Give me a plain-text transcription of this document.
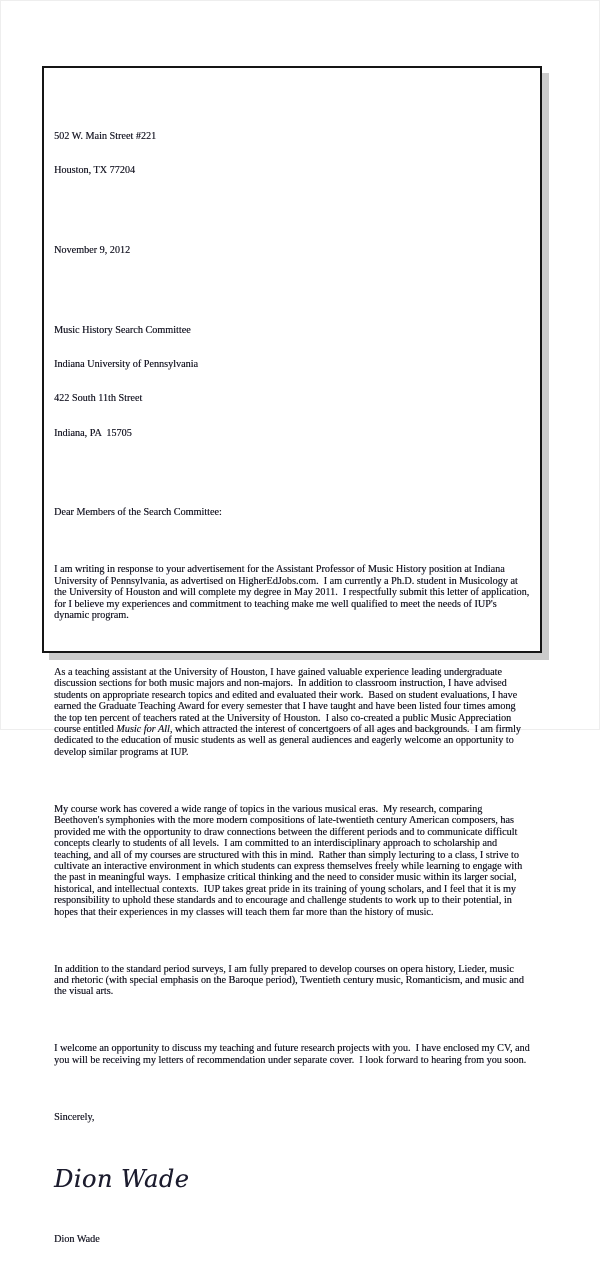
502 W. Main Street #221

Houston, TX 77204

November 9, 2012

Music History Search Committee

Indiana University of Pennsylvania

422 South 11th Street

Indiana, PA  15705

Dear Members of the Search Committee:

I am writing in response to your advertisement for the Assistant Professor of Music History position at Indiana University of Pennsylvania, as advertised on HigherEdJobs.com.  I am currently a Ph.D. student in Musicology at the University of Houston and will complete my degree in May 2011.  I respectfully submit this letter of application, for I believe my experiences and commitment to teaching make me well qualified to meet the needs of IUP's dynamic program.

As a teaching assistant at the University of Houston, I have gained valuable experience leading undergraduate discussion sections for both music majors and non-majors.  In addition to classroom instruction, I have advised students on appropriate research topics and edited and evaluated their work.  Based on student evaluations, I have earned the Graduate Teaching Award for every semester that I have taught and have been listed four times among the top ten percent of teachers rated at the University of Houston.  I also co-created a public Music Appreciation course entitled Music for All, which attracted the interest of concertgoers of all ages and backgrounds.  I am firmly dedicated to the education of music students as well as general audiences and eagerly welcome an opportunity to develop similar programs at IUP.

My course work has covered a wide range of topics in the various musical eras.  My research, comparing Beethoven's symphonies with the more modern compositions of late-twentieth century American composers, has provided me with the opportunity to draw connections between the different periods and to communicate difficult concepts clearly to students of all levels.  I am committed to an interdisciplinary approach to scholarship and teaching, and all of my courses are structured with this in mind.  Rather than simply lecturing to a class, I strive to cultivate an interactive environment in which students can express themselves freely while learning to engage with the past in meaningful ways.  I emphasize critical thinking and the need to consider music within its larger social, historical, and intellectual contexts.  IUP takes great pride in its training of young scholars, and I feel that it is my responsibility to uphold these standards and to encourage and challenge students to work up to their potential, in hopes that their experiences in my classes will teach them far more than the history of music.

In addition to the standard period surveys, I am fully prepared to develop courses on opera history, Lieder, music and rhetoric (with special emphasis on the Baroque period), Twentieth century music, Romanticism, and music and the visual arts.

I welcome an opportunity to discuss my teaching and future research projects with you.  I have enclosed my CV, and you will be receiving my letters of recommendation under separate cover.  I look forward to hearing from you soon.

Sincerely,

Dion Wade

Dion Wade
